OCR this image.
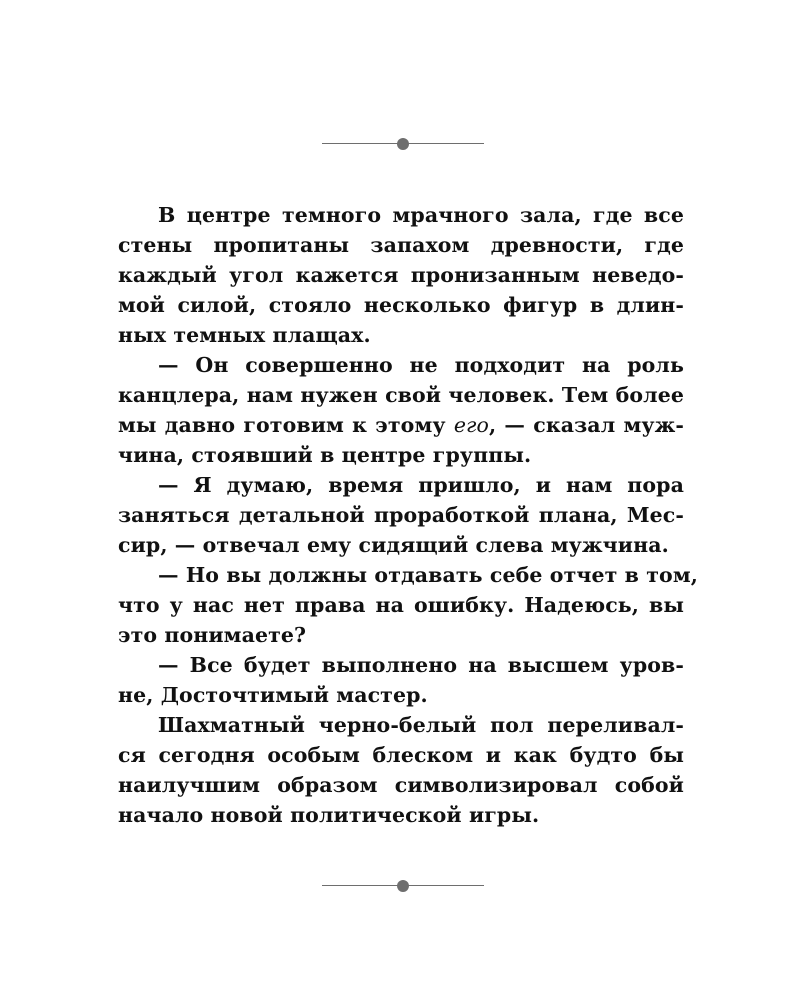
В центре темного мрачного зала, где все
стены пропитаны запахом древности, где
каждый угол кажется пронизанным неведо-
мой силой, стояло несколько фигур в длин-
ных темных плащах.
— Он совершенно не подходит на роль
канцлера, нам нужен свой человек. Тем более
мы давно готовим к этому его, — сказал муж-
чина, стоявший в центре группы.
— Я думаю, время пришло, и нам пора
заняться детальной проработкой плана, Мес-
сир, — отвечал ему сидящий слева мужчина.
— Но вы должны отдавать себе отчет в том,
что у нас нет права на ошибку. Надеюсь, вы
это понимаете?
— Все будет выполнено на высшем уров-
не, Досточтимый мастер.
Шахматный черно-белый пол переливал-
ся сегодня особым блеском и как будто бы
наилучшим образом символизировал собой
начало новой политической игры.
